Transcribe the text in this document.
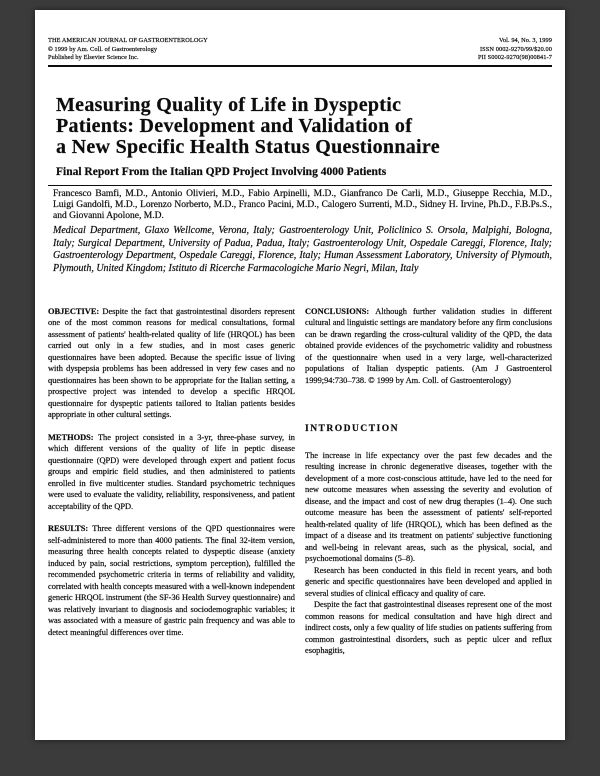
THE AMERICAN JOURNAL OF GASTROENTEROLOGY
© 1999 by Am. Coll. of Gastroenterology
Published by Elsevier Science Inc.
Vol. 94, No. 3, 1999
ISSN 0002-9270/99/$20.00
PII S0002-9270(98)00841-7
Measuring Quality of Life in Dyspeptic
Patients: Development and Validation of
a New Specific Health Status Questionnaire
Final Report From the Italian QPD Project Involving 4000 Patients

Francesco Bamfi, M.D., Antonio Olivieri, M.D., Fabio Arpinelli, M.D., Gianfranco De Carli, M.D., Giuseppe Recchia, M.D., Luigi Gandolfi, M.D., Lorenzo Norberto, M.D., Franco Pacini, M.D., Calogero Surrenti, M.D., Sidney H. Irvine, Ph.D., F.B.Ps.S., and Giovanni Apolone, M.D.

Medical Department, Glaxo Wellcome, Verona, Italy; Gastroenterology Unit, Policlinico S. Orsola, Malpighi, Bologna, Italy; Surgical Department, University of Padua, Padua, Italy; Gastroenterology Unit, Ospedale Careggi, Florence, Italy; Gastroenterology Department, Ospedale Careggi, Florence, Italy; Human Assessment Laboratory, University of Plymouth, Plymouth, United Kingdom; Istituto di Ricerche Farmacologiche Mario Negri, Milan, Italy

OBJECTIVE: Despite the fact that gastrointestinal disorders represent one of the most common reasons for medical consultations, formal assessment of patients' health-related quality of life (HRQOL) has been carried out only in a few studies, and in most cases generic questionnaires have been adopted. Because the specific issue of living with dyspepsia problems has been addressed in very few cases and no questionnaires has been shown to be appropriate for the Italian setting, a prospective project was intended to develop a specific HRQOL questionnaire for dyspeptic patients tailored to Italian patients besides appropriate in other cultural settings.

METHODS: The project consisted in a 3-yr, three-phase survey, in which different versions of the quality of life in peptic disease questionnaire (QPD) were developed through expert and patient focus groups and empiric field studies, and then administered to patients enrolled in five multicenter studies. Standard psychometric techniques were used to evaluate the validity, reliability, responsiveness, and patient acceptability of the QPD.

RESULTS: Three different versions of the QPD questionnaires were self-administered to more than 4000 patients. The final 32-item version, measuring three health concepts related to dyspeptic disease (anxiety induced by pain, social restrictions, symptom perception), fulfilled the recommended psychometric criteria in terms of reliability and validity, correlated with health concepts measured with a well-known independent generic HRQOL instrument (the SF-36 Health Survey questionnaire) and was relatively invariant to diagnosis and sociodemographic variables; it was associated with a measure of gastric pain frequency and was able to detect meaningful differences over time.

CONCLUSIONS: Although further validation studies in different cultural and linguistic settings are mandatory before any firm conclusions can be drawn regarding the cross-cultural validity of the QPD, the data obtained provide evidences of the psychometric validity and robustness of the questionnaire when used in a very large, well-characterized populations of Italian dyspeptic patients. (Am J Gastroenterol 1999;94:730–738. © 1999 by Am. Coll. of Gastroenterology)

INTRODUCTION

The increase in life expectancy over the past few decades and the resulting increase in chronic degenerative diseases, together with the development of a more cost-conscious attitude, have led to the need for new outcome measures when assessing the severity and evolution of disease, and the impact and cost of new drug therapies (1–4). One such outcome measure has been the assessment of patients' self-reported health-related quality of life (HRQOL), which has been defined as the impact of a disease and its treatment on patients' subjective functioning and well-being in relevant areas, such as the physical, social, and psychoemotional domains (5–8).

Research has been conducted in this field in recent years, and both generic and specific questionnaires have been developed and applied in several studies of clinical efficacy and quality of care.

Despite the fact that gastrointestinal diseases represent one of the most common reasons for medical consultation and have high direct and indirect costs, only a few quality of life studies on patients suffering from common gastrointestinal disorders, such as peptic ulcer and reflux esophagitis,
